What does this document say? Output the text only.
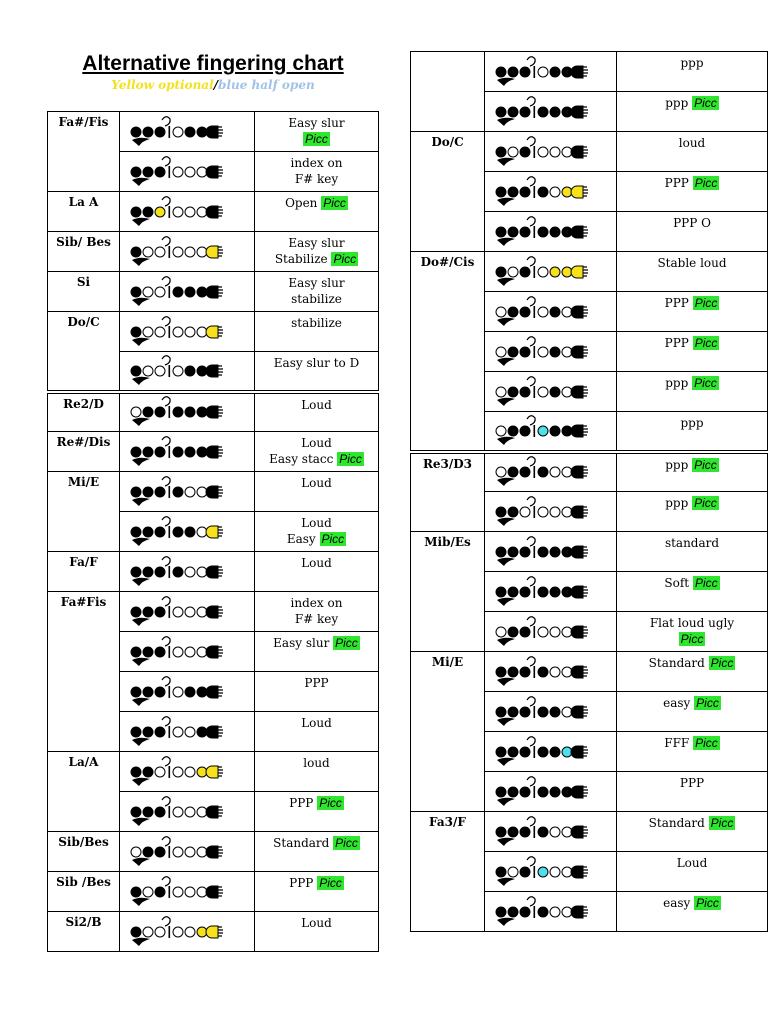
Alternative fingering chart
Yellow optional/blue half open
Fa#/Fis		Easy slur
Picc

index on
F# key

La A		Open Picc

Sib/ Bes		Easy slur
Stabilize Picc

Si		Easy slur
stabilize

Do/C		stabilize

Easy slur to D

Re2/D		Loud

Re#/Dis		Loud
Easy stacc Picc

Mi/E		Loud

Loud
Easy Picc

Fa/F		Loud

Fa#Fis		index on
F# key

Easy slur Picc

PPP

Loud

La/A		loud

PPP Picc

Sib/Bes		Standard Picc

Sib /Bes		PPP Picc

Si2/B		Loud

ppp

ppp Picc

Do/C		loud

PPP Picc

PPP O

Do#/Cis		Stable loud

PPP Picc

PPP Picc

ppp Picc

ppp

Re3/D3		ppp Picc

ppp Picc

Mib/Es		standard

Soft Picc

Flat loud ugly
Picc

Mi/E		Standard Picc

easy Picc

FFF Picc

PPP

Fa3/F		Standard Picc

Loud

easy Picc
